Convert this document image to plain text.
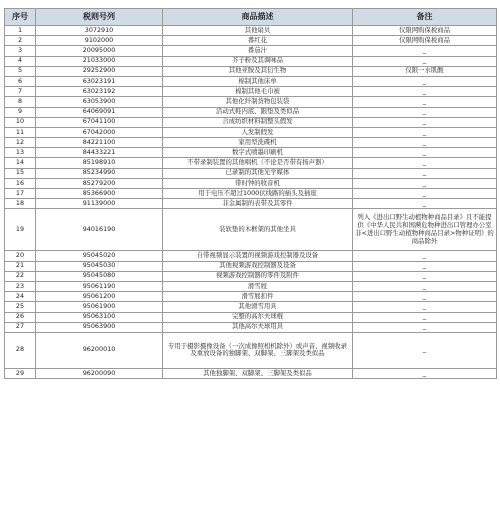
序号	税则号列	商品描述	备注
1	3072910	其他扇贝	仅限网购保税商品
2	9102000	番红花	仅限网购保税商品
3	20095000	番茄汁	_
4	21033000	芥子粉及其调味品	_
5	29252900	其他亚胺及其衍生物	仅限一水肌酸
6	63023191	棉制其他床单	_
7	63023192	棉制其他毛巾被	_
8	63053900	其他化纤制货物包装袋	_
9	64069091	活动式鞋内底、跟垫及类似品	_
10	67041100	合成纺织材料制整头假发	_
11	67042000	人发制假发	_
12	84221100	家用型洗碟机	_
13	84433221	数字式喷墨印刷机	_
14	85198910	不带录制装置的其他唱机（不论是否带有扬声器）	_
15	85234990	已录制的其他光学媒体	_
16	85279200	带时钟的收音机	_
17	85366900	用于电压不超过1000伏线路的插头及插座	_
18	91139000	非金属制的表带及其零件	_
19	94016190	装软垫的木框架的其他坐具	列入《进出口野生动植物种商品目录》且不能提供《中华人民共和国濒危物种进出口管理办公室非<进出口野生动植物种商品目录>物种证明》的商品除外
20	95045020	自带视频显示装置的视频游戏控制器及设备	_
21	95045030	其他视频游戏控制器及设备	_
22	95045080	视频游戏控制器的零件及附件	_
23	95061190	滑雪屐	_
24	95061200	滑雪屐扣件	_
25	95061900	其他滑雪用具	_
26	95063100	完整的高尔夫球棍	_
27	95063900	其他高尔夫球用具	_
28	96200010	专用于摄影摄像设备（一次成像照相机除外）或声音、视频收录及重放设备的独脚架、双脚架、三脚架及类似品	_
29	96200090	其他独脚架、双脚架、三脚架及类似品	_
